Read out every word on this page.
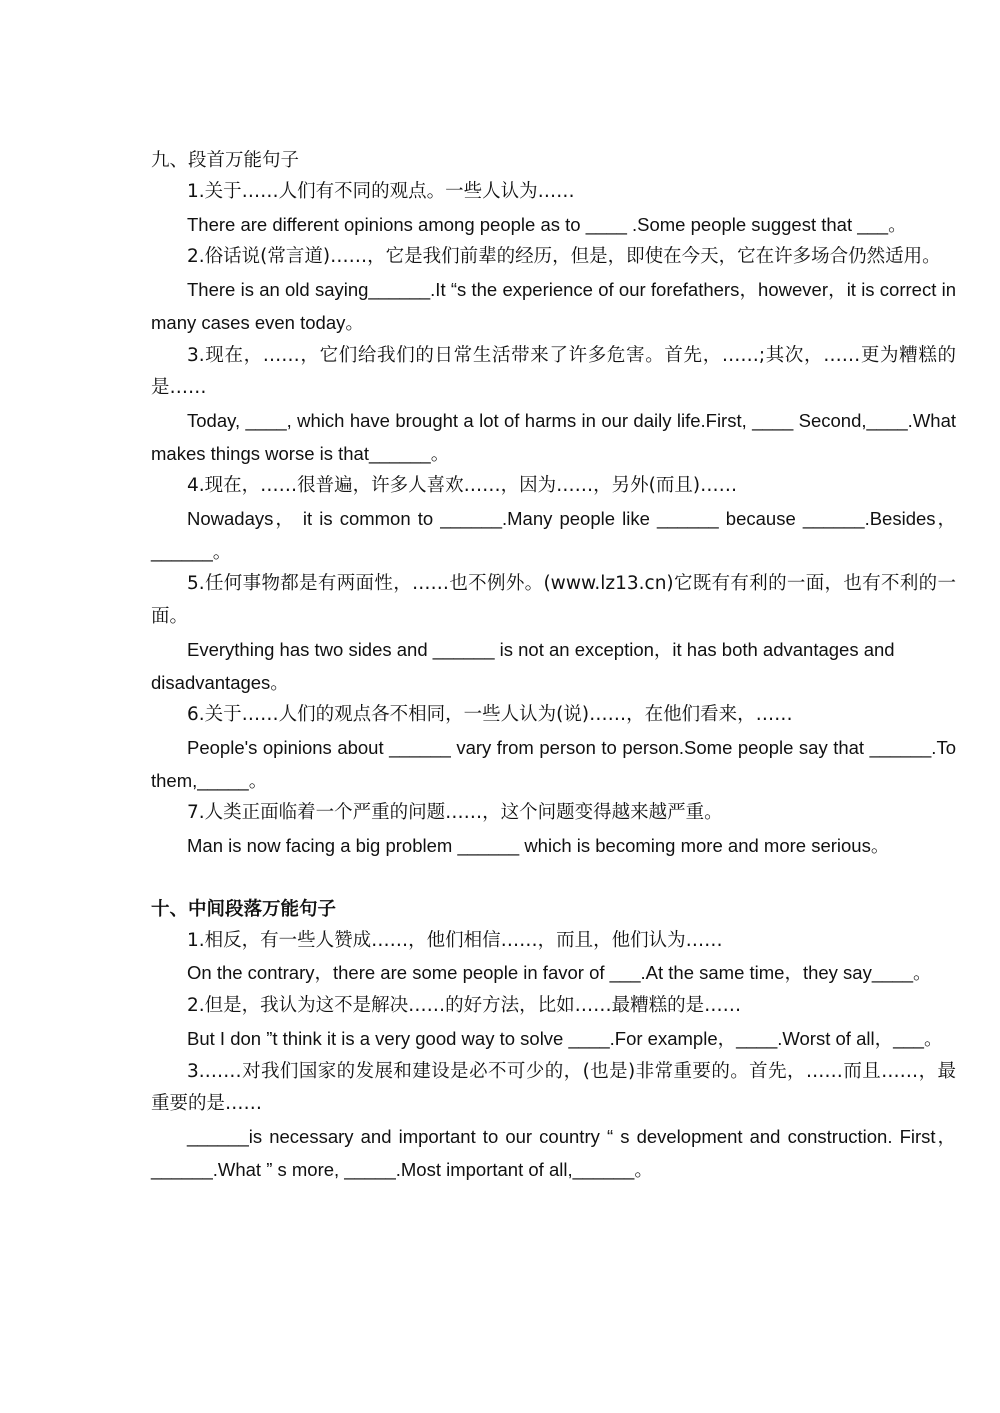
九、段首万能句子

1.关于……人们有不同的观点。一些人认为……

There are different opinions among people as to ____ .Some people suggest that ___。

2.俗话说(常言道)……，它是我们前辈的经历，但是，即使在今天，它在许多场合仍然适用。

There is an old saying______.It “s the experience of our forefathers，however，it is correct in many cases even today。

3.现在，……，它们给我们的日常生活带来了许多危害。首先，……;其次，……更为糟糕的是……

Today, ____, which have brought a lot of harms in our daily life.First, ____ Second,____.What makes things worse is that______。

4.现在，……很普遍，许多人喜欢……，因为……，另外(而且)……

Nowadays， it is common to ______.Many people like ______ because ______.Besides，______。

5.任何事物都是有两面性，……也不例外。(www.lz13.cn)它既有有利的一面，也有不利的一面。

Everything has two sides and ______ is not an exception，it has both advantages and disadvantages。

6.关于……人们的观点各不相同，一些人认为(说)……，在他们看来，……

People's opinions about ______ vary from person to person.Some people say that ______.To them,_____。

7.人类正面临着一个严重的问题……，这个问题变得越来越严重。

Man is now facing a big problem ______ which is becoming more and more serious。

十、中间段落万能句子

1.相反，有一些人赞成……，他们相信……，而且，他们认为……

On the contrary，there are some people in favor of ___.At the same time，they say____。

2.但是，我认为这不是解决……的好方法，比如……最糟糕的是……

But I don ”t think it is a very good way to solve ____.For example，____.Worst of all，___。

3.……对我们国家的发展和建设是必不可少的，(也是)非常重要的。首先，……而且……，最重要的是……

______is necessary and important to our country “ s development and construction. First，______.What ” s more, _____.Most important of all,______。
